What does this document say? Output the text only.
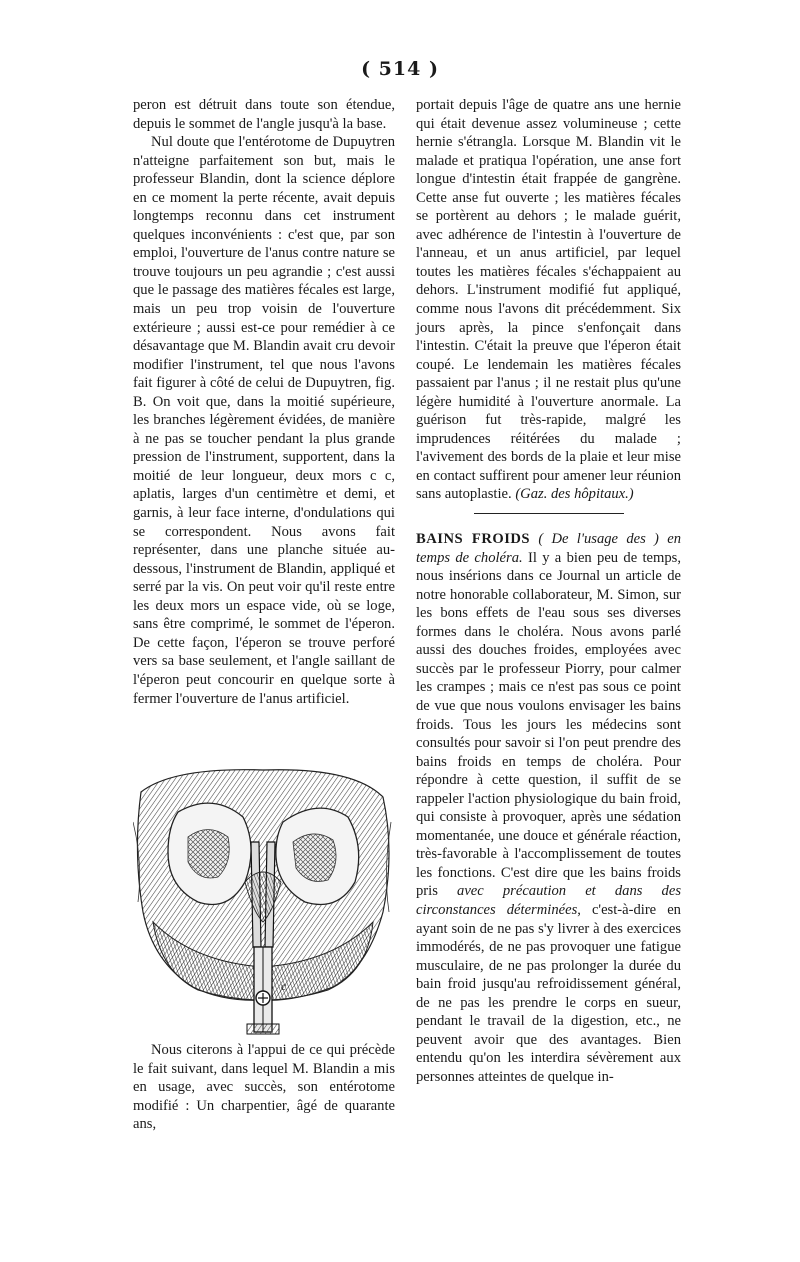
( 514 )

peron est détruit dans toute son étendue, depuis le sommet de l'angle jusqu'à la base.

Nul doute que l'entérotome de Dupuytren n'atteigne parfaitement son but, mais le professeur Blandin, dont la science déplore en ce moment la perte récente, avait depuis longtemps reconnu dans cet instrument quelques inconvénients : c'est que, par son emploi, l'ouverture de l'anus contre nature se trouve toujours un peu agrandie ; c'est aussi que le passage des matières fécales est large, mais un peu trop voisin de l'ouverture extérieure ; aussi est-ce pour remédier à ce désavantage que M. Blandin avait cru devoir modifier l'instrument, tel que nous l'avons fait figurer à côté de celui de Dupuytren, fig. B. On voit que, dans la moitié supérieure, les branches légèrement évidées, de manière à ne pas se toucher pendant la plus grande pression de l'instrument, supportent, dans la moitié de leur longueur, deux mors c c, aplatis, larges d'un centimètre et demi, et garnis, à leur face interne, d'ondulations qui se correspondent. Nous avons fait représenter, dans une planche située au-dessous, l'instrument de Blandin, appliqué et serré par la vis. On peut voir qu'il reste entre les deux mors un espace vide, où se loge, sans être comprimé, le sommet de l'éperon. De cette façon, l'éperon se trouve perforé vers sa base seulement, et l'angle saillant de l'éperon peut concourir en quelque sorte à fermer l'ouverture de l'anus artificiel.

c

Nous citerons à l'appui de ce qui précède le fait suivant, dans lequel M. Blandin a mis en usage, avec succès, son entérotome modifié : Un charpentier, âgé de quarante ans,

portait depuis l'âge de quatre ans une hernie qui était devenue assez volumineuse ; cette hernie s'étrangla. Lorsque M. Blandin vit le malade et pratiqua l'opération, une anse fort longue d'intestin était frappée de gangrène. Cette anse fut ouverte ; les matières fécales se portèrent au dehors ; le malade guérit, avec adhérence de l'intestin à l'ouverture de l'anneau, et un anus artificiel, par lequel toutes les matières fécales s'échappaient au dehors. L'instrument modifié fut appliqué, comme nous l'avons dit précédemment. Six jours après, la pince s'enfonçait dans l'intestin. C'était la preuve que l'éperon était coupé. Le lendemain les matières fécales passaient par l'anus ; il ne restait plus qu'une légère humidité à l'ouverture anormale. La guérison fut très-rapide, malgré les imprudences réitérées du malade ; l'avivement des bords de la plaie et leur mise en contact suffirent pour amener leur réunion sans autoplastie. (Gaz. des hôpitaux.)

BAINS FROIDS ( De l'usage des ) en temps de choléra. Il y a bien peu de temps, nous insérions dans ce Journal un article de notre honorable collaborateur, M. Simon, sur les bons effets de l'eau sous ses diverses formes dans le choléra. Nous avons parlé aussi des douches froides, employées avec succès par le professeur Piorry, pour calmer les crampes ; mais ce n'est pas sous ce point de vue que nous voulons envisager les bains froids. Tous les jours les médecins sont consultés pour savoir si l'on peut prendre des bains froids en temps de choléra. Pour répondre à cette question, il suffit de se rappeler l'action physiologique du bain froid, qui consiste à provoquer, après une sédation momentanée, une douce et générale réaction, très-favorable à l'accomplissement de toutes les fonctions. C'est dire que les bains froids pris avec précaution et dans des circonstances déterminées, c'est-à-dire en ayant soin de ne pas s'y livrer à des exercices immodérés, de ne pas provoquer une fatigue musculaire, de ne pas prolonger la durée du bain froid jusqu'au refroidissement général, de ne pas les prendre le corps en sueur, pendant le travail de la digestion, etc., ne peuvent avoir que des avantages. Bien entendu qu'on les interdira sévèrement aux personnes atteintes de quelque in-
